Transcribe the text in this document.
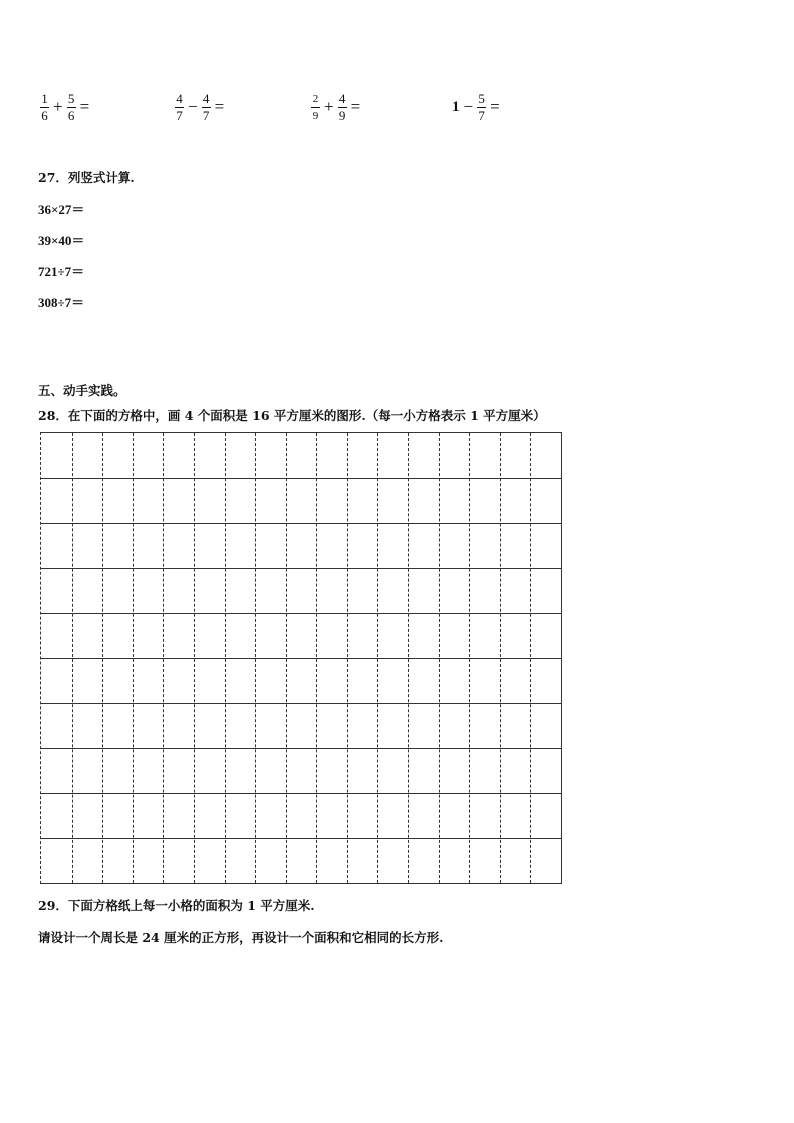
$\frac{1}{6} + \frac{5}{6}$ =	$\frac{4}{7} - \frac{4}{7}$ =	$\frac{2}{9} + \frac{4}{9}$ =	$1 - \frac{5}{7}$ =
27．列竖式计算.
36×27＝
39×40＝
721÷7＝
308÷7＝
五、动手实践。
28．在下面的方格中，画 4 个面积是 16 平方厘米的图形.（每一小方格表示 1 平方厘米）
29．下面方格纸上每一小格的面积为 1 平方厘米.
请设计一个周长是 24 厘米的正方形，再设计一个面积和它相同的长方形.
